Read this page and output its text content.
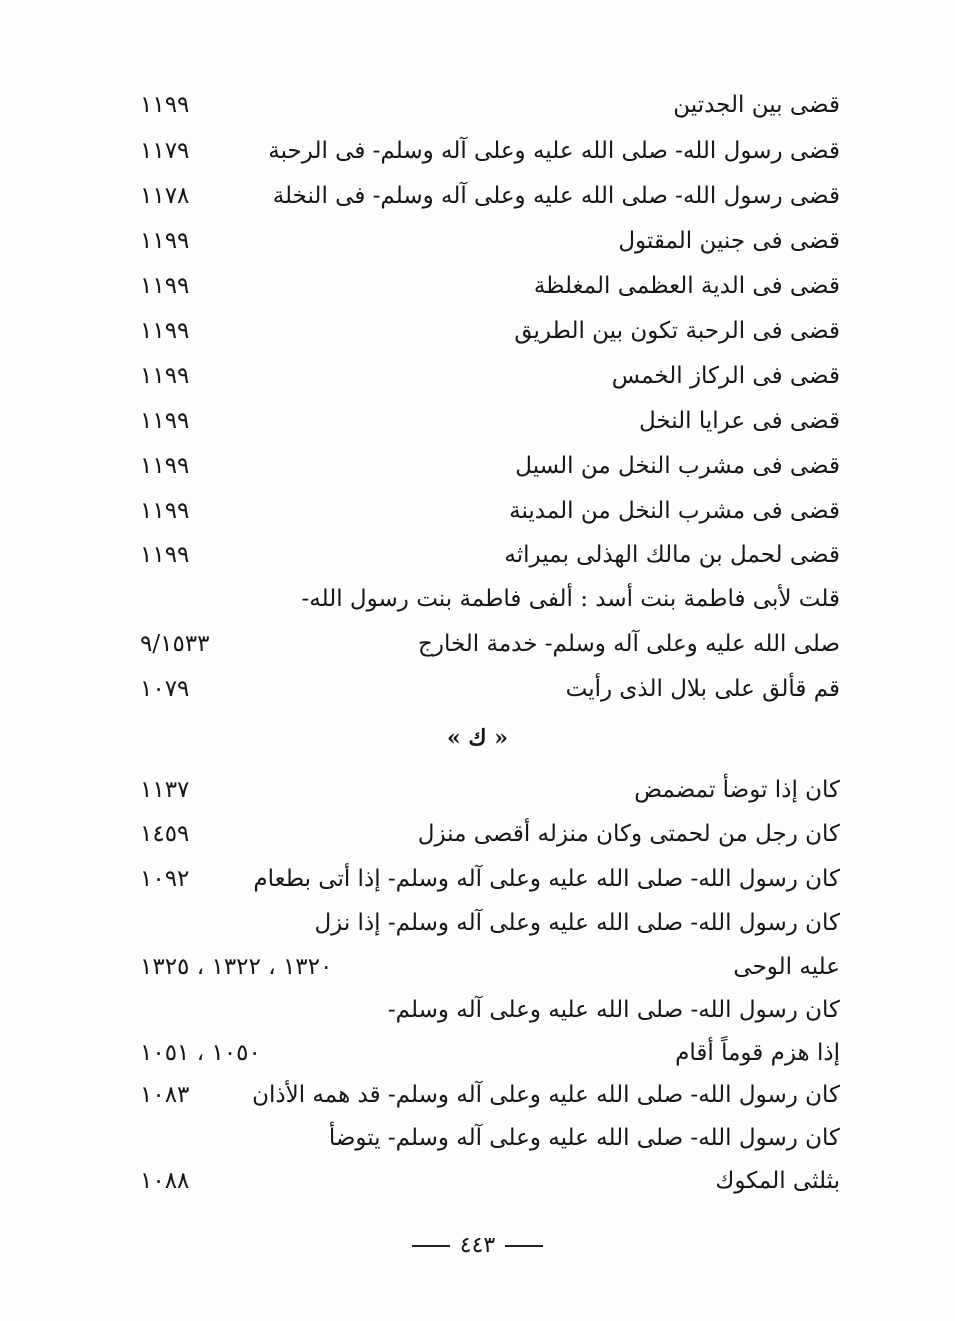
قضى بين الجدتين
١١٩٩
قضى رسول الله- صلى الله عليه وعلى آله وسلم- فى الرحبة
١١٧٩
قضى رسول الله- صلى الله عليه وعلى آله وسلم- فى النخلة
١١٧٨
قضى فى جنين المقتول
١١٩٩
قضى فى الدية العظمى المغلظة
١١٩٩
قضى فى الرحبة تكون بين الطريق
١١٩٩
قضى فى الركاز الخمس
١١٩٩
قضى فى عرايا النخل
١١٩٩
قضى فى مشرب النخل من السيل
١١٩٩
قضى فى مشرب النخل من المدينة
١١٩٩
قضى لحمل بن مالك الهذلى بميراثه
١١٩٩
قلت لأبى فاطمة بنت أسد : ألفى فاطمة بنت رسول الله-
صلى الله عليه وعلى آله وسلم- خدمة الخارج
٩/١٥٣٣
قم قألق على بلال الذى رأيت
١٠٧٩
« ك »
كان إذا توضأ تمضمض
١١٣٧
كان رجل من لحمتى وكان منزله أقصى منزل
١٤٥٩
كان رسول الله- صلى الله عليه وعلى آله وسلم- إذا أتى بطعام
١٠٩٢
كان رسول الله- صلى الله عليه وعلى آله وسلم- إذا نزل
عليه الوحى
١٣٢٠ ، ١٣٢٢ ، ١٣٢٥
كان رسول الله- صلى الله عليه وعلى آله وسلم-
إذا هزم قوماً أقام
١٠٥٠ ، ١٠٥١
كان رسول الله- صلى الله عليه وعلى آله وسلم- قد همه الأذان
١٠٨٣
كان رسول الله- صلى الله عليه وعلى آله وسلم- يتوضأ
بثلثى المكوك
١٠٨٨
٤٤٣
